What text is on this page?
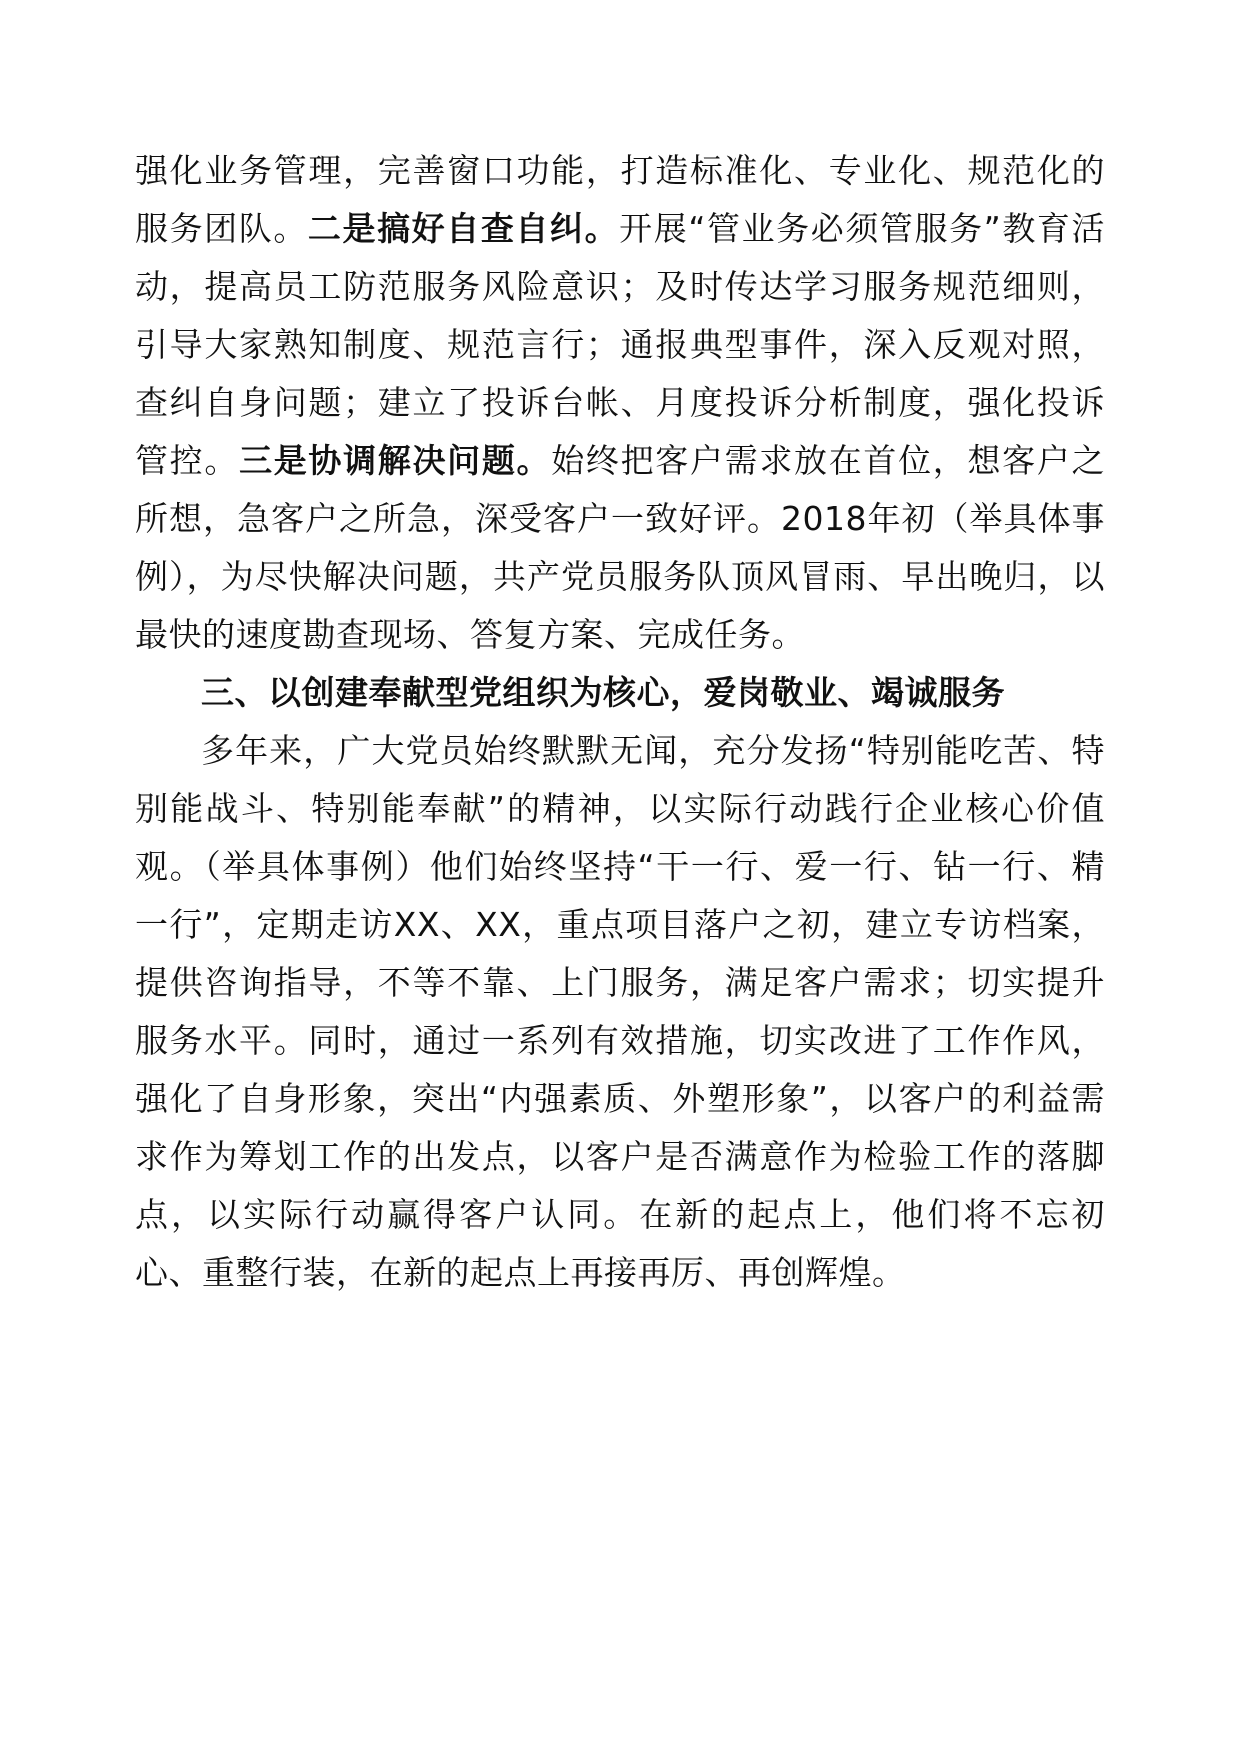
强化业务管理，完善窗口功能，打造标准化、专业化、规范化的服务团队。二是搞好自查自纠。开展“管业务必须管服务”教育活动，提高员工防范服务风险意识；及时传达学习服务规范细则，引导大家熟知制度、规范言行；通报典型事件，深入反观对照，查纠自身问题；建立了投诉台帐、月度投诉分析制度，强化投诉管控。三是协调解决问题。始终把客户需求放在首位，想客户之所想，急客户之所急，深受客户一致好评。2018年初（举具体事例），为尽快解决问题，共产党员服务队顶风冒雨、早出晚归，以最快的速度勘查现场、答复方案、完成任务。

三、以创建奉献型党组织为核心，爱岗敬业、竭诚服务

多年来，广大党员始终默默无闻，充分发扬“特别能吃苦、特别能战斗、特别能奉献”的精神，以实际行动践行企业核心价值观。（举具体事例）他们始终坚持“干一行、爱一行、钻一行、精一行”，定期走访XX、XX，重点项目落户之初，建立专访档案，提供咨询指导，不等不靠、上门服务，满足客户需求；切实提升服务水平。同时，通过一系列有效措施，切实改进了工作作风，强化了自身形象，突出“内强素质、外塑形象”，以客户的利益需求作为筹划工作的出发点，以客户是否满意作为检验工作的落脚点，以实际行动赢得客户认同。在新的起点上，他们将不忘初心、重整行装，在新的起点上再接再厉、再创辉煌。
